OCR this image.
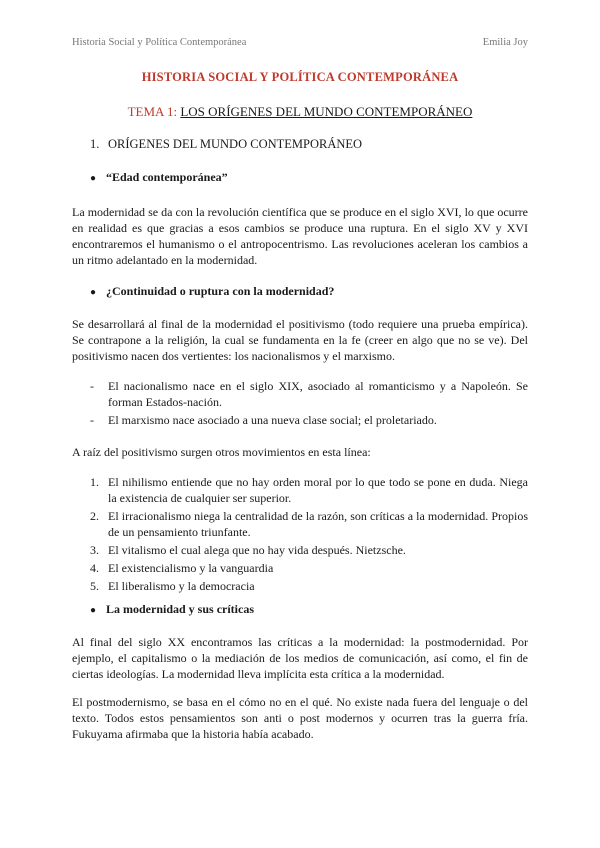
Historia Social y Política Contemporánea	Emilia Joy
HISTORIA SOCIAL Y POLÍTICA CONTEMPORÁNEA
TEMA 1: LOS ORÍGENES DEL MUNDO CONTEMPORÁNEO
1. ORÍGENES DEL MUNDO CONTEMPORÁNEO
● “Edad contemporánea”
La modernidad se da con la revolución científica que se produce en el siglo XVI, lo que ocurre en realidad es que gracias a esos cambios se produce una ruptura. En el siglo XV y XVI encontraremos el humanismo o el antropocentrismo. Las revoluciones aceleran los cambios a un ritmo adelantado en la modernidad.
● ¿Continuidad o ruptura con la modernidad?
Se desarrollará al final de la modernidad el positivismo (todo requiere una prueba empírica). Se contrapone a la religión, la cual se fundamenta en la fe (creer en algo que no se ve). Del positivismo nacen dos vertientes: los nacionalismos y el marxismo.
- El nacionalismo nace en el siglo XIX, asociado al romanticismo y a Napoleón. Se forman Estados-nación.
- El marxismo nace asociado a una nueva clase social; el proletariado.
A raíz del positivismo surgen otros movimientos en esta línea:
1. El nihilismo entiende que no hay orden moral por lo que todo se pone en duda. Niega la existencia de cualquier ser superior.
2. El irracionalismo niega la centralidad de la razón, son críticas a la modernidad. Propios de un pensamiento triunfante.
3. El vitalismo el cual alega que no hay vida después. Nietzsche.
4. El existencialismo y la vanguardia
5. El liberalismo y la democracia
● La modernidad y sus críticas
Al final del siglo XX encontramos las críticas a la modernidad: la postmodernidad. Por ejemplo, el capitalismo o la mediación de los medios de comunicación, así como, el fin de ciertas ideologías. La modernidad lleva implícita esta crítica a la modernidad.
El postmodernismo, se basa en el cómo no en el qué. No existe nada fuera del lenguaje o del texto. Todos estos pensamientos son anti o post modernos y ocurren tras la guerra fría. Fukuyama afirmaba que la historia había acabado.
